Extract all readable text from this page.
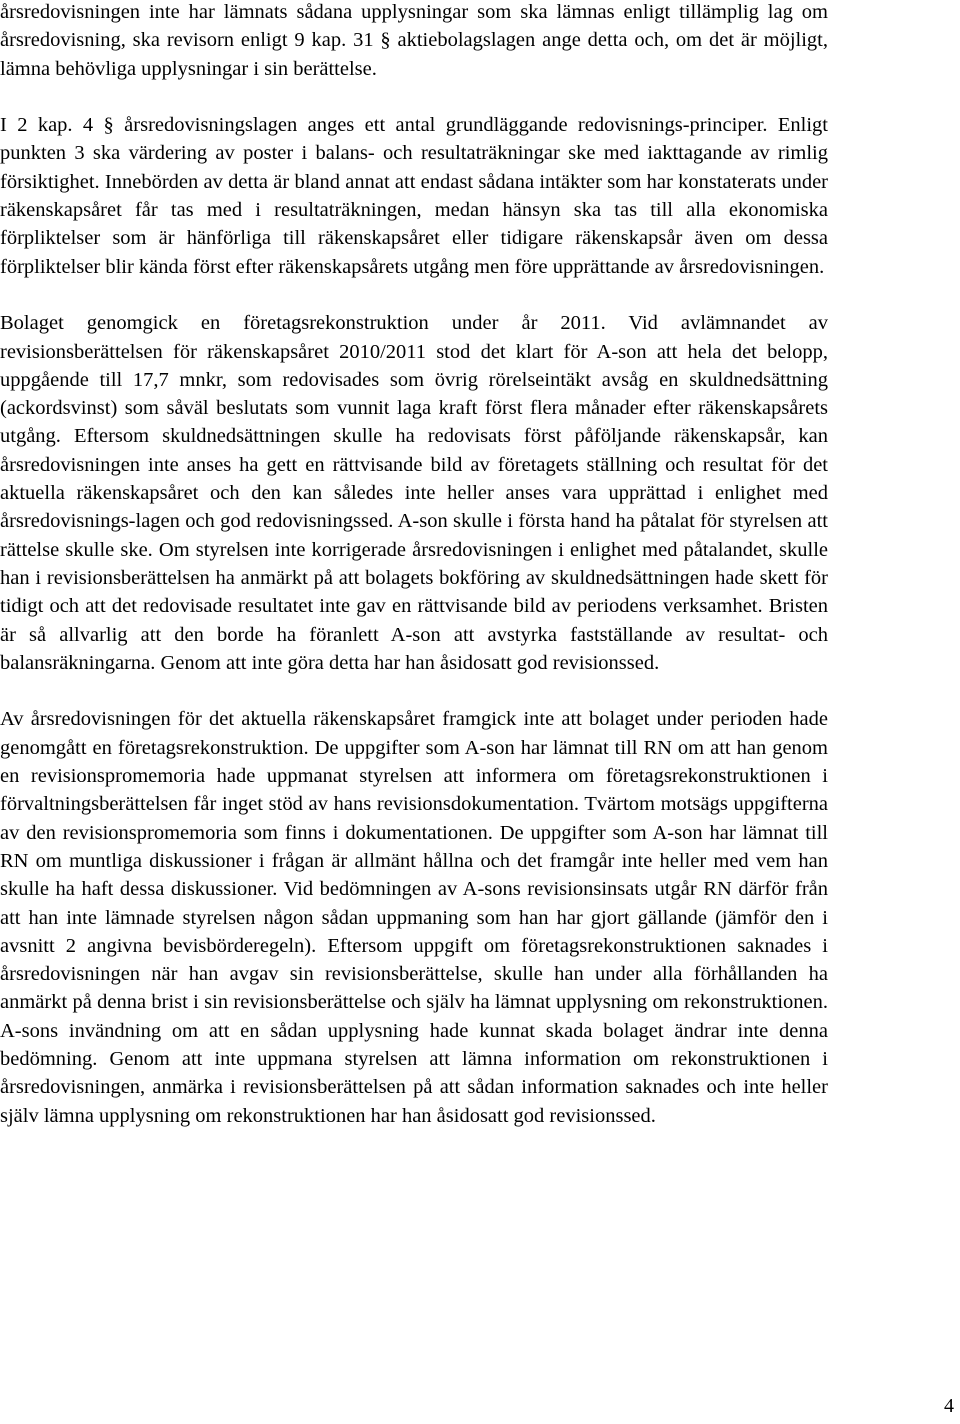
årsredovisningen inte har lämnats sådana upplysningar som ska lämnas enligt tillämplig lag om årsredovisning, ska revisorn enligt 9 kap. 31 § aktiebolagslagen ange detta och, om det är möjligt, lämna behövliga upplysningar i sin berättelse.

I 2 kap. 4 § årsredovisningslagen anges ett antal grundläggande redovisnings-principer. Enligt punkten 3 ska värdering av poster i balans- och resultaträkningar ske med iakttagande av rimlig försiktighet. Innebörden av detta är bland annat att endast sådana intäkter som har konstaterats under räkenskapsåret får tas med i resultaträkningen, medan hänsyn ska tas till alla ekonomiska förpliktelser som är hänförliga till räkenskapsåret eller tidigare räkenskapsår även om dessa förpliktelser blir kända först efter räkenskapsårets utgång men före upprättande av årsredovisningen.

Bolaget genomgick en företagsrekonstruktion under år 2011. Vid avlämnandet av revisionsberättelsen för räkenskapsåret 2010/2011 stod det klart för A-son att hela det belopp, uppgående till 17,7 mnkr, som redovisades som övrig rörelseintäkt avsåg en skuldnedsättning (ackordsvinst) som såväl beslutats som vunnit laga kraft först flera månader efter räkenskapsårets utgång. Eftersom skuldnedsättningen skulle ha redovisats först påföljande räkenskapsår, kan årsredovisningen inte anses ha gett en rättvisande bild av företagets ställning och resultat för det aktuella räkenskapsåret och den kan således inte heller anses vara upprättad i enlighet med årsredovisnings-lagen och god redovisningssed. A-son skulle i första hand ha påtalat för styrelsen att rättelse skulle ske. Om styrelsen inte korrigerade årsredovisningen i enlighet med påtalandet, skulle han i revisionsberättelsen ha anmärkt på att bolagets bokföring av skuldnedsättningen hade skett för tidigt och att det redovisade resultatet inte gav en rättvisande bild av periodens verksamhet. Bristen är så allvarlig att den borde ha föranlett A-son att avstyrka fastställande av resultat- och balansräkningarna. Genom att inte göra detta har han åsidosatt god revisionssed.

Av årsredovisningen för det aktuella räkenskapsåret framgick inte att bolaget under perioden hade genomgått en företagsrekonstruktion. De uppgifter som A-son har lämnat till RN om att han genom en revisionspromemoria hade uppmanat styrelsen att informera om företagsrekonstruktionen i förvaltningsberättelsen får inget stöd av hans revisionsdokumentation. Tvärtom motsägs uppgifterna av den revisionspromemoria som finns i dokumentationen. De uppgifter som A-son har lämnat till RN om muntliga diskussioner i frågan är allmänt hållna och det framgår inte heller med vem han skulle ha haft dessa diskussioner. Vid bedömningen av A-sons revisionsinsats utgår RN därför från att han inte lämnade styrelsen någon sådan uppmaning som han har gjort gällande (jämför den i avsnitt 2 angivna bevisbörderegeln). Eftersom uppgift om företagsrekonstruktionen saknades i årsredovisningen när han avgav sin revisionsberättelse, skulle han under alla förhållanden ha anmärkt på denna brist i sin revisionsberättelse och själv ha lämnat upplysning om rekonstruktionen. A-sons invändning om att en sådan upplysning hade kunnat skada bolaget ändrar inte denna bedömning. Genom att inte uppmana styrelsen att lämna information om rekonstruktionen i årsredovisningen, anmärka i revisionsberättelsen på att sådan information saknades och inte heller själv lämna upplysning om rekonstruktionen har han åsidosatt god revisionssed.

4
